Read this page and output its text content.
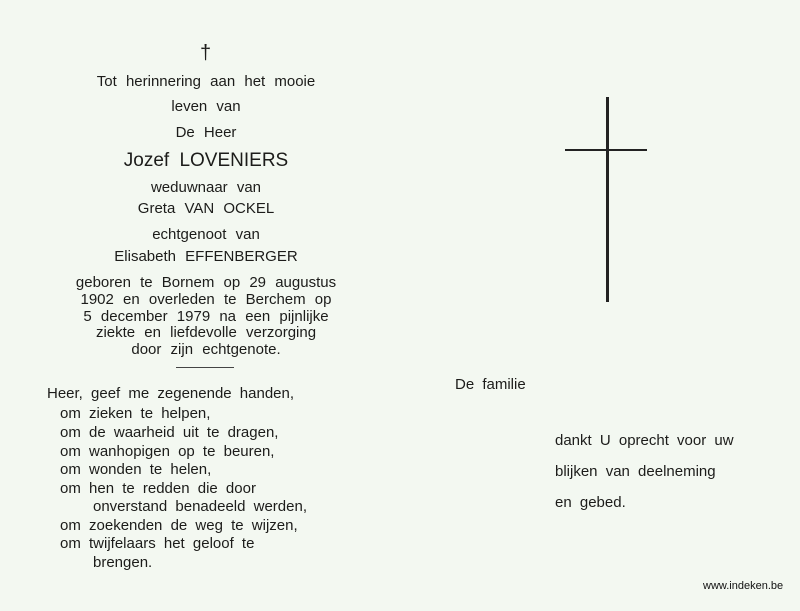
†
Tot herinnering aan het mooie
leven van
De Heer
Jozef LOVENIERS
weduwnaar van
Greta VAN OCKEL
echtgenoot van
Elisabeth EFFENBERGER
geboren te Bornem op 29 augustus
1902 en overleden te Berchem op
5 december 1979 na een pijnlijke
ziekte en liefdevolle verzorging
door zijn echtgenote.
Heer, geef me zegenende handen,
om zieken te helpen,
om de waarheid uit te dragen,
om wanhopigen op te beuren,
om wonden te helen,
om hen te redden die door
onverstand benadeeld werden,
om zoekenden de weg te wijzen,
om twijfelaars het geloof te
brengen.
De familie
dankt U oprecht voor uw
blijken van deelneming
en gebed.
www.indeken.be
